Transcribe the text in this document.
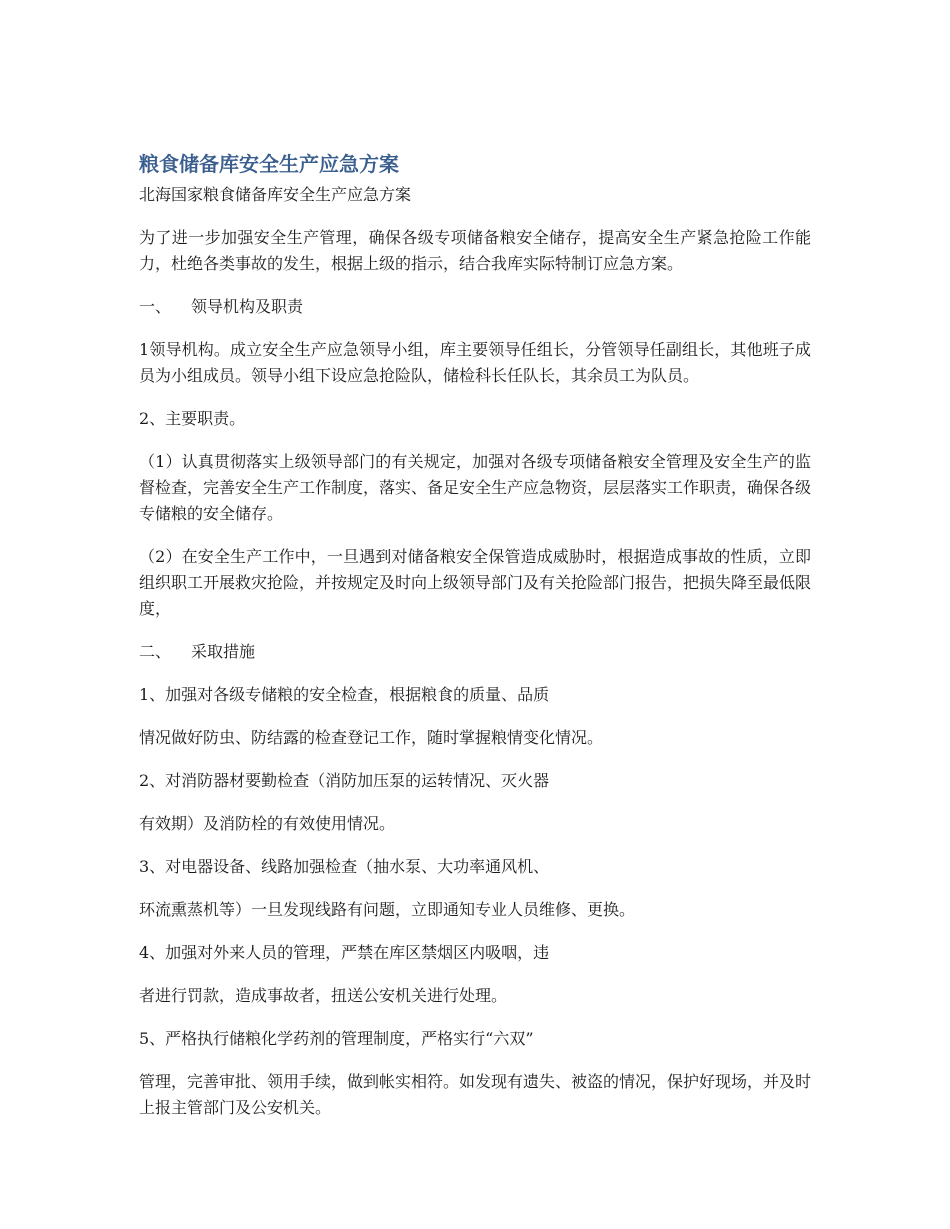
粮食储备库安全生产应急方案
北海国家粮食储备库安全生产应急方案

为了进一步加强安全生产管理，确保各级专项储备粮安全储存，提高安全生产紧急抢险工作能力，杜绝各类事故的发生，根据上级的指示，结合我库实际特制订应急方案。

一、 领导机构及职责

1领导机构。成立安全生产应急领导小组，库主要领导任组长，分管领导任副组长，其他班子成员为小组成员。领导小组下设应急抢险队，储检科长任队长，其余员工为队员。

2、主要职责。

（1）认真贯彻落实上级领导部门的有关规定，加强对各级专项储备粮安全管理及安全生产的监督检查，完善安全生产工作制度，落实、备足安全生产应急物资，层层落实工作职责，确保各级专储粮的安全储存。

（2）在安全生产工作中，一旦遇到对储备粮安全保管造成威胁时，根据造成事故的性质，立即组织职工开展救灾抢险，并按规定及时向上级领导部门及有关抢险部门报告，把损失降至最低限度，

二、 采取措施

1、加强对各级专储粮的安全检查，根据粮食的质量、品质

情况做好防虫、防结露的检查登记工作，随时掌握粮情变化情况。

2、对消防器材要勤检查（消防加压泵的运转情况、灭火器

有效期）及消防栓的有效使用情况。

3、对电器设备、线路加强检查（抽水泵、大功率通风机、

环流熏蒸机等）一旦发现线路有问题，立即通知专业人员维修、更换。

4、加强对外来人员的管理，严禁在库区禁烟区内吸咽，违

者进行罚款，造成事故者，扭送公安机关进行处理。

5、严格执行储粮化学药剂的管理制度，严格实行“六双”

管理，完善审批、领用手续，做到帐实相符。如发现有遗失、被盗的情况，保护好现场，并及时上报主管部门及公安机关。
